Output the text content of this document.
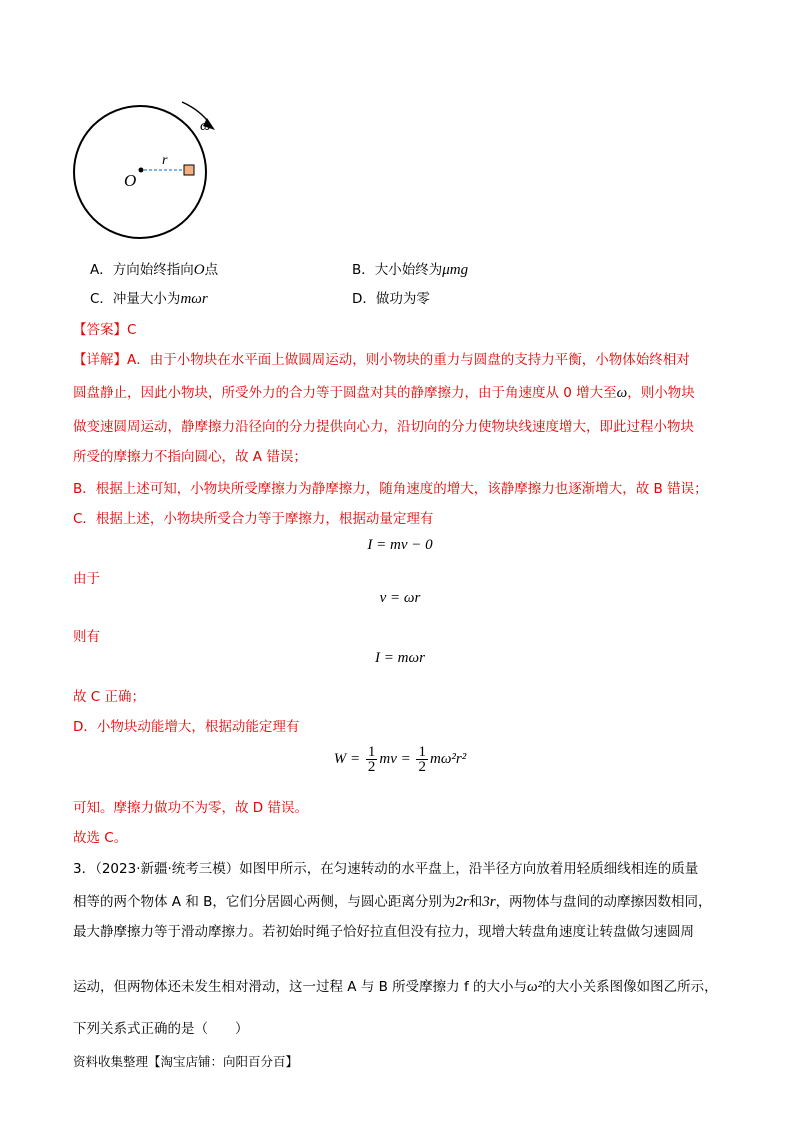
ω
r
O
A．方向始终指向O点	B．大小始终为μmg
C．冲量大小为mωr	D．做功为零
【答案】C
【详解】A．由于小物块在水平面上做圆周运动，则小物块的重力与圆盘的支持力平衡，小物体始终相对
圆盘静止，因此小物块，所受外力的合力等于圆盘对其的静摩擦力，由于角速度从 0 增大至ω，则小物块
做变速圆周运动，静摩擦力沿径向的分力提供向心力，沿切向的分力使物块线速度增大，即此过程小物块
所受的摩擦力不指向圆心，故 A 错误；
B．根据上述可知，小物块所受摩擦力为静摩擦力，随角速度的增大，该静摩擦力也逐渐增大，故 B 错误；
C．根据上述，小物块所受合力等于摩擦力，根据动量定理有
I = mv − 0
由于
v = ωr
则有
I = mωr
故 C 正确；
D．小物块动能增大，根据动能定理有
$W = \frac{1}{2}$ mv = $\frac{1}{2} m\omega^2r^2$
可知。摩擦力做功不为零，故 D 错误。
故选 C。
3．（2023·新疆·统考三模）如图甲所示，在匀速转动的水平盘上，沿半径方向放着用轻质细线相连的质量
相等的两个物体 A 和 B，它们分居圆心两侧，与圆心距离分别为2r和3r，两物体与盘间的动摩擦因数相同，
最大静摩擦力等于滑动摩擦力。若初始时绳子恰好拉直但没有拉力，现增大转盘角速度让转盘做匀速圆周
运动，但两物体还未发生相对滑动，这一过程 A 与 B 所受摩擦力 f 的大小与ω²的大小关系图像如图乙所示，
下列关系式正确的是（　　）
资料收集整理【淘宝店铺：向阳百分百】
